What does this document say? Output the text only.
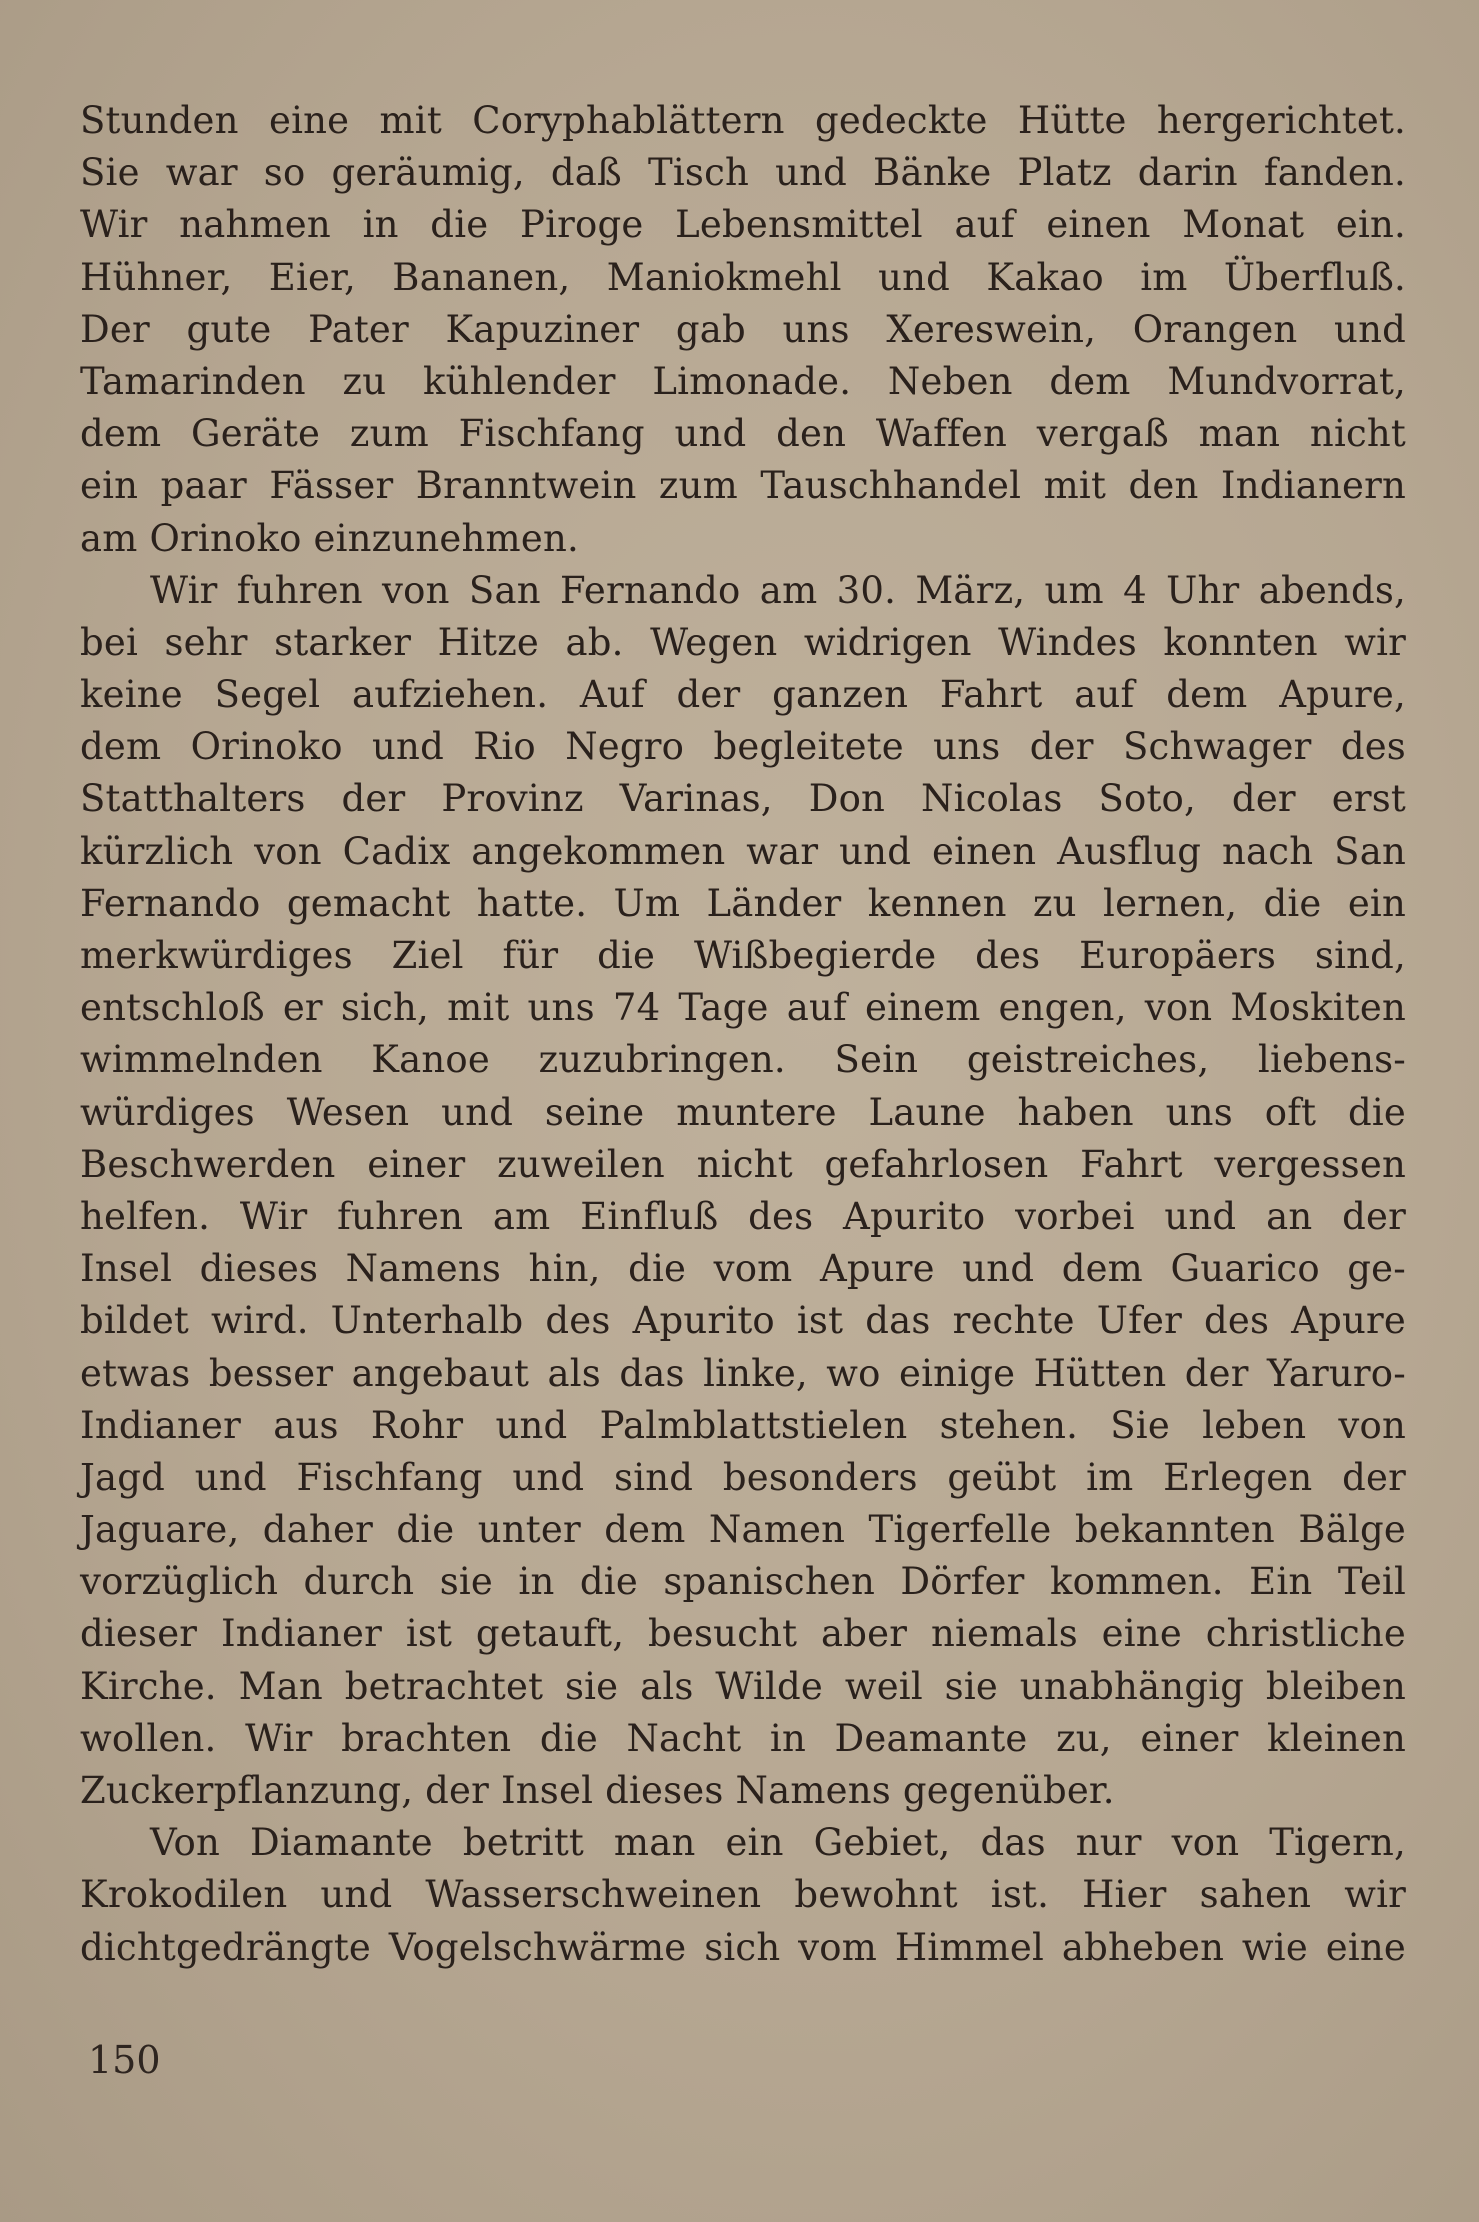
Stunden eine mit Coryphablättern gedeckte Hütte hergerichtet.
Sie war so geräumig, daß Tisch und Bänke Platz darin fanden.
Wir nahmen in die Piroge Lebensmittel auf einen Monat ein.
Hühner, Eier, Bananen, Maniokmehl und Kakao im Überfluß.
Der gute Pater Kapuziner gab uns Xereswein, Orangen und
Tamarinden zu kühlender Limonade. Neben dem Mundvorrat,
dem Geräte zum Fischfang und den Waffen vergaß man nicht
ein paar Fässer Branntwein zum Tauschhandel mit den Indianern
am Orinoko einzunehmen.
Wir fuhren von San Fernando am 30. März, um 4 Uhr abends,
bei sehr starker Hitze ab. Wegen widrigen Windes konnten wir
keine Segel aufziehen. Auf der ganzen Fahrt auf dem Apure,
dem Orinoko und Rio Negro begleitete uns der Schwager des
Statthalters der Provinz Varinas, Don Nicolas Soto, der erst
kürzlich von Cadix angekommen war und einen Ausflug nach San
Fernando gemacht hatte. Um Länder kennen zu lernen, die ein
merkwürdiges Ziel für die Wißbegierde des Europäers sind,
entschloß er sich, mit uns 74 Tage auf einem engen, von Moskiten
wimmelnden Kanoe zuzubringen. Sein geistreiches, liebens-
würdiges Wesen und seine muntere Laune haben uns oft die
Beschwerden einer zuweilen nicht gefahrlosen Fahrt vergessen
helfen. Wir fuhren am Einfluß des Apurito vorbei und an der
Insel dieses Namens hin, die vom Apure und dem Guarico ge-
bildet wird. Unterhalb des Apurito ist das rechte Ufer des Apure
etwas besser angebaut als das linke, wo einige Hütten der Yaruro-
Indianer aus Rohr und Palmblattstielen stehen. Sie leben von
Jagd und Fischfang und sind besonders geübt im Erlegen der
Jaguare, daher die unter dem Namen Tigerfelle bekannten Bälge
vorzüglich durch sie in die spanischen Dörfer kommen. Ein Teil
dieser Indianer ist getauft, besucht aber niemals eine christliche
Kirche. Man betrachtet sie als Wilde weil sie unabhängig bleiben
wollen. Wir brachten die Nacht in Deamante zu, einer kleinen
Zuckerpflanzung, der Insel dieses Namens gegenüber.
Von Diamante betritt man ein Gebiet, das nur von Tigern,
Krokodilen und Wasserschweinen bewohnt ist. Hier sahen wir
dichtgedrängte Vogelschwärme sich vom Himmel abheben wie eine
150
